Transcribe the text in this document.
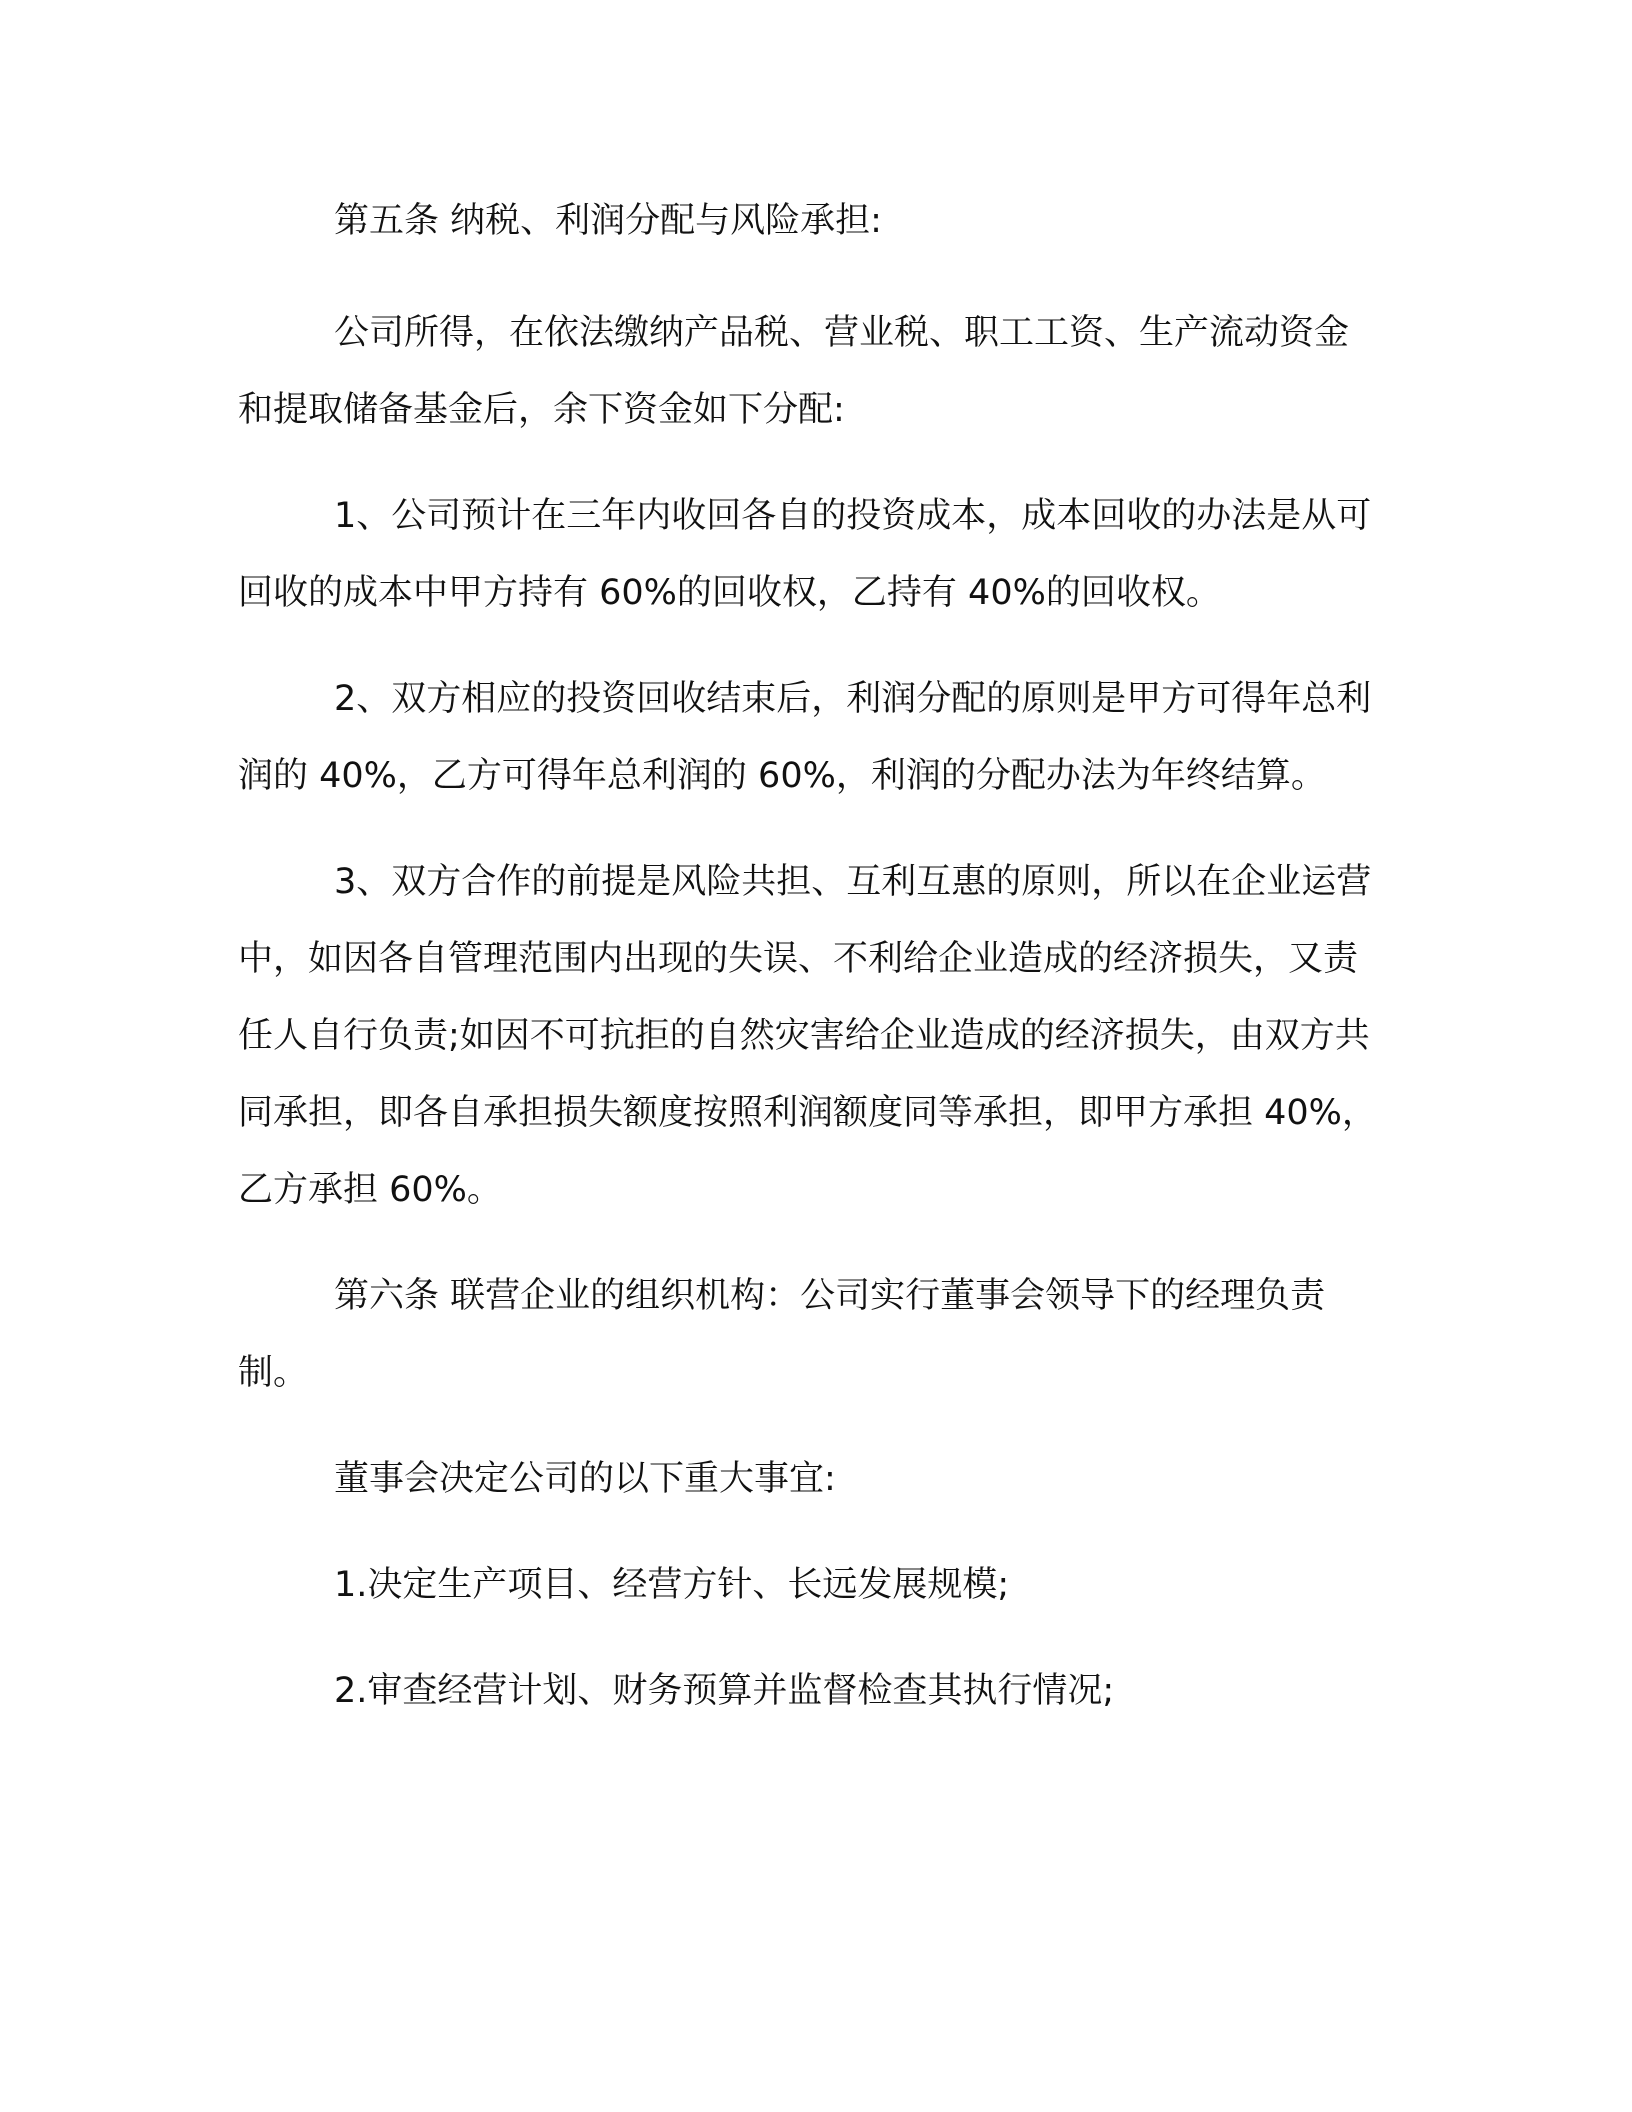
第五条 纳税、利润分配与风险承担:

公司所得，在依法缴纳产品税、营业税、职工工资、生产流动资金和提取储备基金后，余下资金如下分配:

1、公司预计在三年内收回各自的投资成本，成本回收的办法是从可回收的成本中甲方持有 60%的回收权，乙持有 40%的回收权。

2、双方相应的投资回收结束后，利润分配的原则是甲方可得年总利润的 40%，乙方可得年总利润的 60%，利润的分配办法为年终结算。

3、双方合作的前提是风险共担、互利互惠的原则，所以在企业运营中，如因各自管理范围内出现的失误、不利给企业造成的经济损失，又责任人自行负责;如因不可抗拒的自然灾害给企业造成的经济损失，由双方共同承担，即各自承担损失额度按照利润额度同等承担，即甲方承担 40%，乙方承担 60%。

第六条 联营企业的组织机构：公司实行董事会领导下的经理负责制。

董事会决定公司的以下重大事宜:

1.决定生产项目、经营方针、长远发展规模;

2.审查经营计划、财务预算并监督检查其执行情况;
